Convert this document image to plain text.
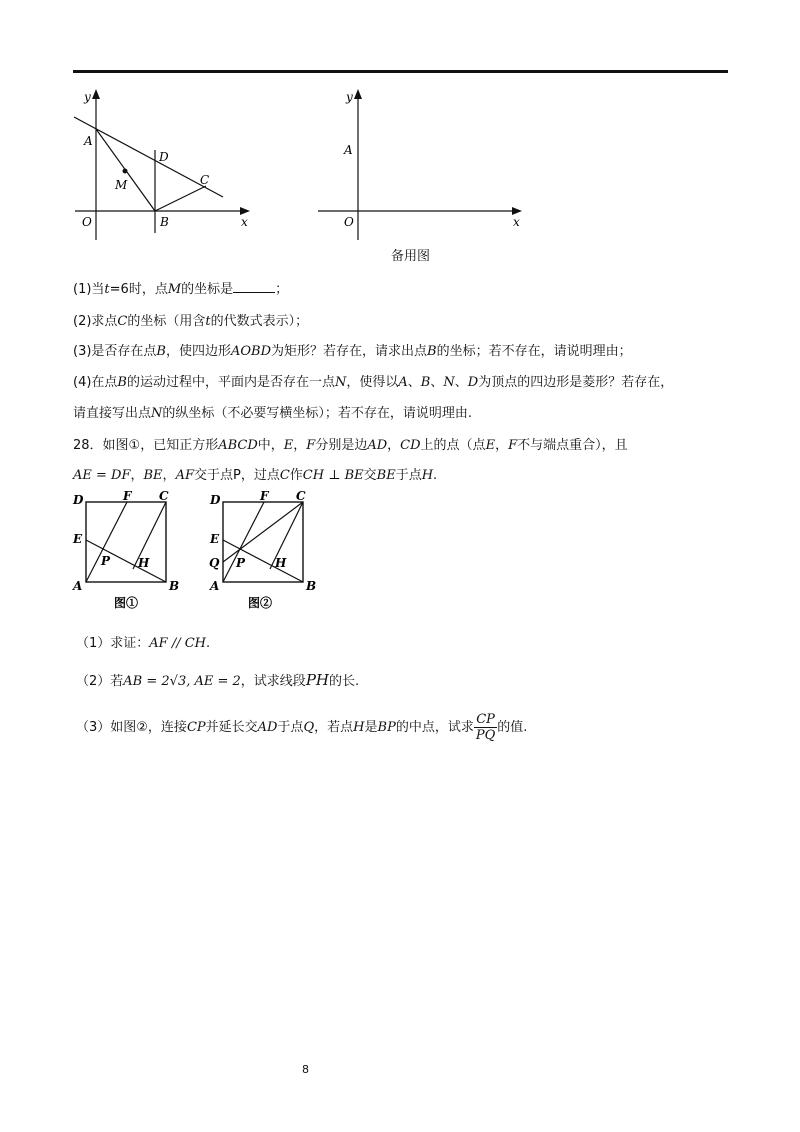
y
x
O
A
B
C
D
M
y
x
O
A
备用图
(1)当t=6时，点M的坐标是	；
(2)求点C的坐标（用含t的代数式表示）；
(3)是否存在点B，使四边形AOBD为矩形？若存在，请求出点B的坐标；若不存在，请说明理由；
(4)在点B的运动过程中，平面内是否存在一点N，使得以A、B、N、D为顶点的四边形是菱形？若存在，
请直接写出点N的纵坐标（不必要写横坐标）；若不存在，请说明理由.
28．如图①，已知正方形ABCD中，E，F分别是边AD，CD上的点（点E，F不与端点重合），且
AE = DF，BE，AF交于点P，过点C作CH ⊥ BE交BE于点H.
D	F C
E
P H
A	B
图①
D	F C
E
Q P H
A	B
图②
（1）求证：AF // CH.
（2）若AB = 2√3, AE = 2，试求线段PH的长.
（3）如图②，连接CP并延长交AD于点Q，若点H是BP的中点，试求 $\frac{CP}{PQ}$ 的值.
8
